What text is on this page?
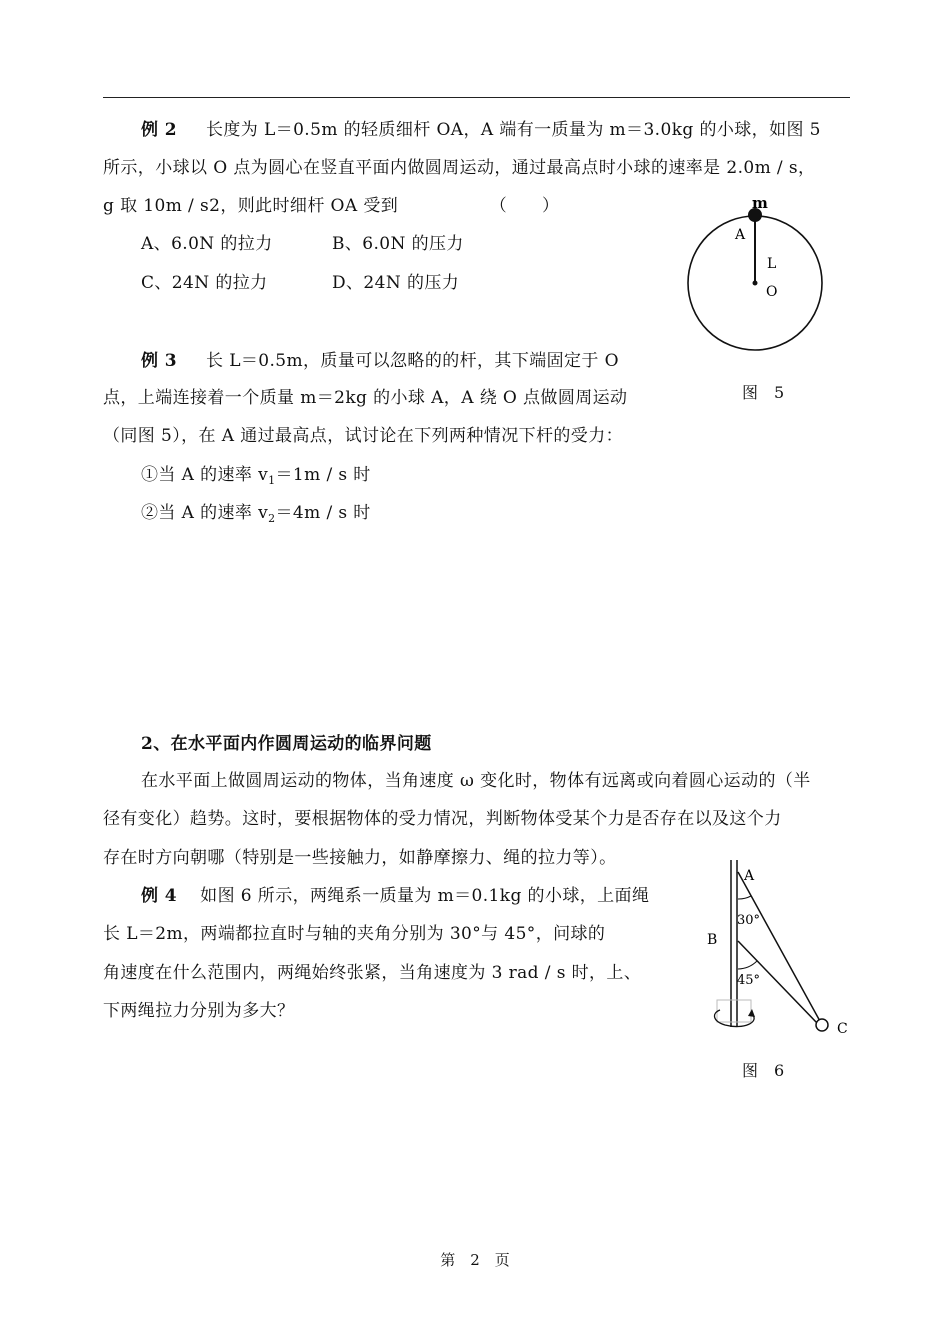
例 2 长度为 L＝0.5m 的轻质细杆 OA，A 端有一质量为 m＝3.0kg 的小球，如图 5
所示，小球以 O 点为圆心在竖直平面内做圆周运动，通过最高点时小球的速率是 2.0m / s，
g 取 10m / s2，则此时细杆 OA 受到	（　　）
A、6.0N 的拉力	B、6.0N 的压力
C、24N 的拉力	D、24N 的压力
m
A
L
O
图　5
例 3 长 L＝0.5m，质量可以忽略的的杆，其下端固定于 O
点，上端连接着一个质量 m＝2kg 的小球 A，A 绕 O 点做圆周运动
（同图 5），在 A 通过最高点，试讨论在下列两种情况下杆的受力：
①当 A 的速率 $v_1=1m / s$ 时
②当 A 的速率 $v_2=4m / s$ 时
2、在水平面内作圆周运动的临界问题
在水平面上做圆周运动的物体，当角速度 ω 变化时，物体有远离或向着圆心运动的（半
径有变化）趋势。这时，要根据物体的受力情况，判断物体受某个力是否存在以及这个力
存在时方向朝哪（特别是一些接触力，如静摩擦力、绳的拉力等）。
例 4 如图 6 所示，两绳系一质量为 m＝0.1kg 的小球，上面绳
长 L＝2m，两端都拉直时与轴的夹角分别为 30°与 45°，问球的
角速度在什么范围内，两绳始终张紧，当角速度为 3 rad / s 时，上、
下两绳拉力分别为多大？
A
B
C
30°
45°
图　6
第　2　页
